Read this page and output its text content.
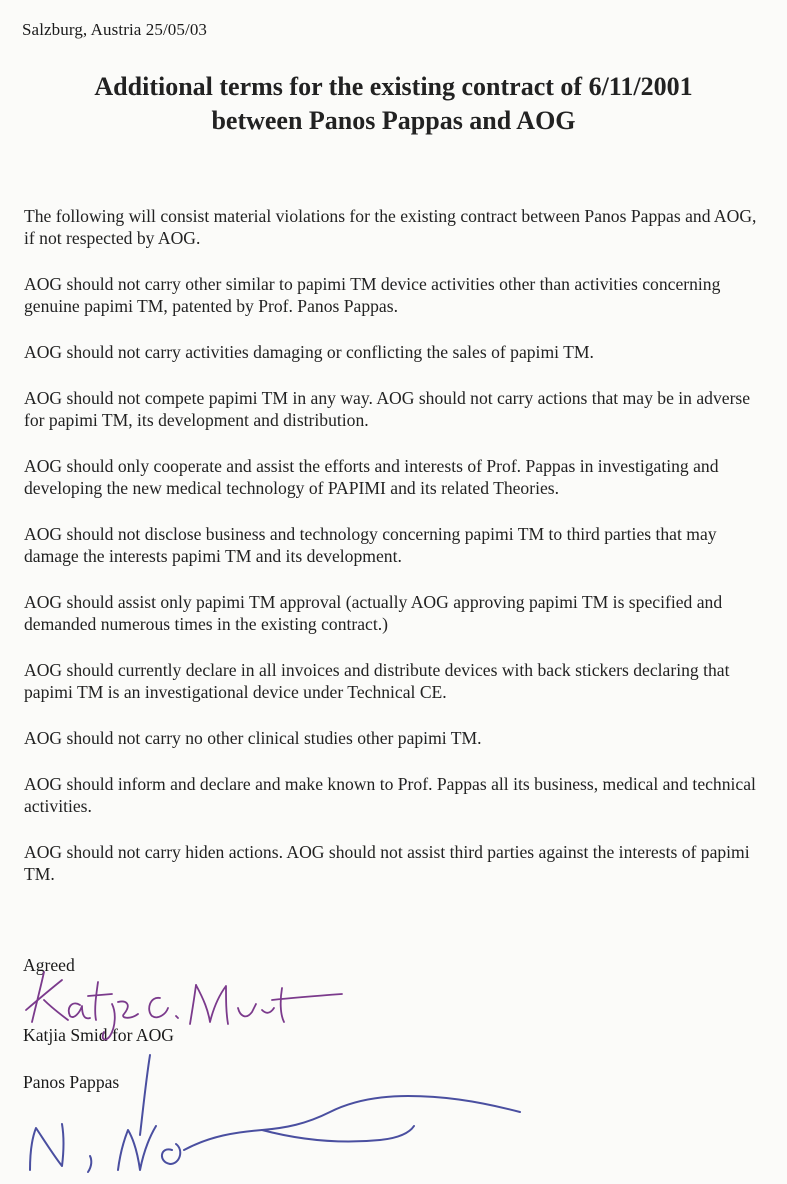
Salzburg, Austria 25/05/03
Additional terms for the existing contract of 6/11/2001
between Panos Pappas and AOG

The following will consist material violations for the existing contract between Panos Pappas and AOG, if not respected by AOG.

AOG should not carry other similar to papimi TM device activities other than activities concerning genuine papimi TM, patented by Prof. Panos Pappas.

AOG should not carry activities damaging or conflicting the sales of papimi TM.

AOG should not compete papimi TM in any way. AOG should not carry actions that may be in adverse for papimi TM, its development and distribution.

AOG should only cooperate and assist the efforts and interests of Prof. Pappas in investigating and developing the new medical technology of PAPIMI and its related Theories.

AOG should not disclose business and technology concerning papimi TM to third parties that may damage the interests papimi TM and its development.

AOG should assist only papimi TM approval (actually AOG approving papimi TM is specified and demanded numerous times in the existing contract.)

AOG should currently declare in all invoices and distribute devices with back stickers declaring that papimi TM is an investigational device under Technical CE.

AOG should not carry no other clinical studies other papimi TM.

AOG should inform and declare and make known to Prof. Pappas all its business, medical and technical activities.

AOG should not carry hiden actions. AOG should not assist third parties against the interests of papimi TM.

Agreed
Katjia Smid for AOG
Panos Pappas
